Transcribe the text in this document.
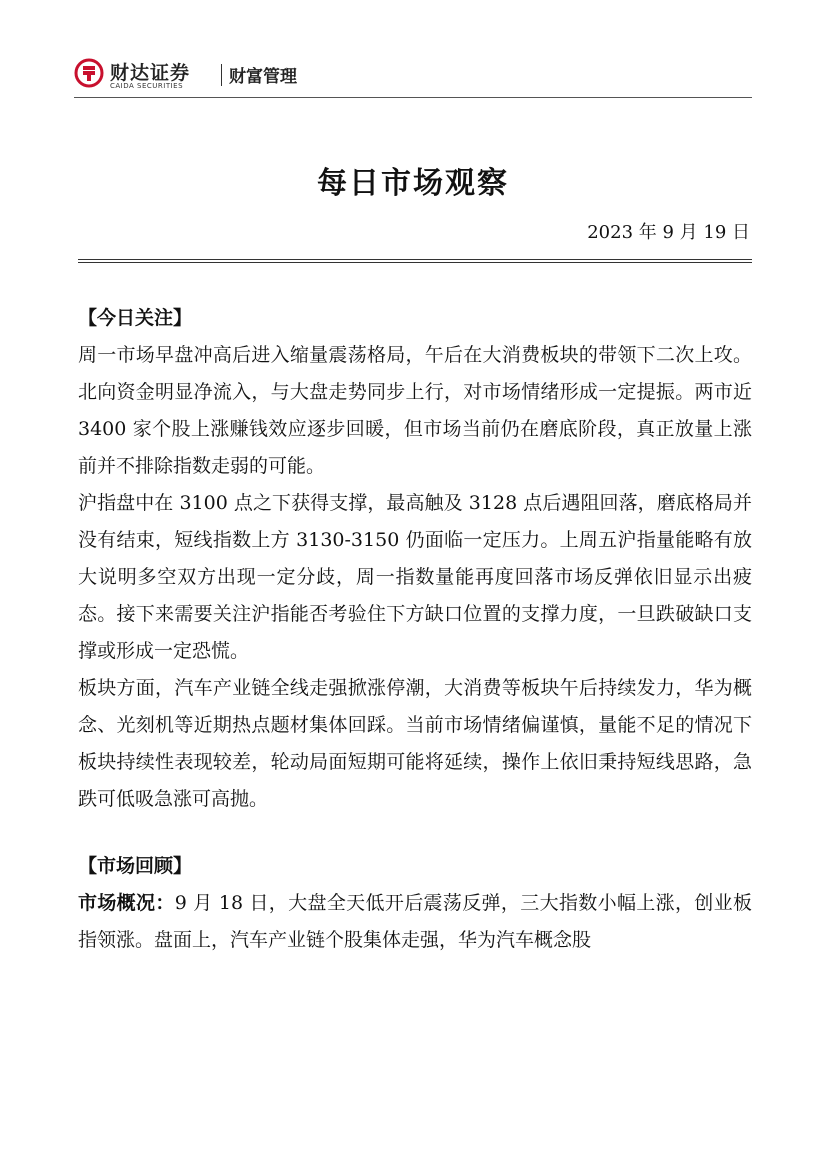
财达证券
CAIDA SECURITIES	财富管理
每日市场观察
2023 年 9 月 19 日

【今日关注】

周一市场早盘冲高后进入缩量震荡格局，午后在大消费板块的带领下二次上攻。北向资金明显净流入，与大盘走势同步上行，对市场情绪形成一定提振。两市近 3400 家个股上涨赚钱效应逐步回暖，但市场当前仍在磨底阶段，真正放量上涨前并不排除指数走弱的可能。

沪指盘中在 3100 点之下获得支撑，最高触及 3128 点后遇阻回落，磨底格局并没有结束，短线指数上方 3130-3150 仍面临一定压力。上周五沪指量能略有放大说明多空双方出现一定分歧，周一指数量能再度回落市场反弹依旧显示出疲态。接下来需要关注沪指能否考验住下方缺口位置的支撑力度，一旦跌破缺口支撑或形成一定恐慌。

板块方面，汽车产业链全线走强掀涨停潮，大消费等板块午后持续发力，华为概念、光刻机等近期热点题材集体回踩。当前市场情绪偏谨慎，量能不足的情况下板块持续性表现较差，轮动局面短期可能将延续，操作上依旧秉持短线思路，急跌可低吸急涨可高抛。

【市场回顾】

市场概况：9 月 18 日，大盘全天低开后震荡反弹，三大指数小幅上涨，创业板指领涨。盘面上，汽车产业链个股集体走强，华为汽车概念股
